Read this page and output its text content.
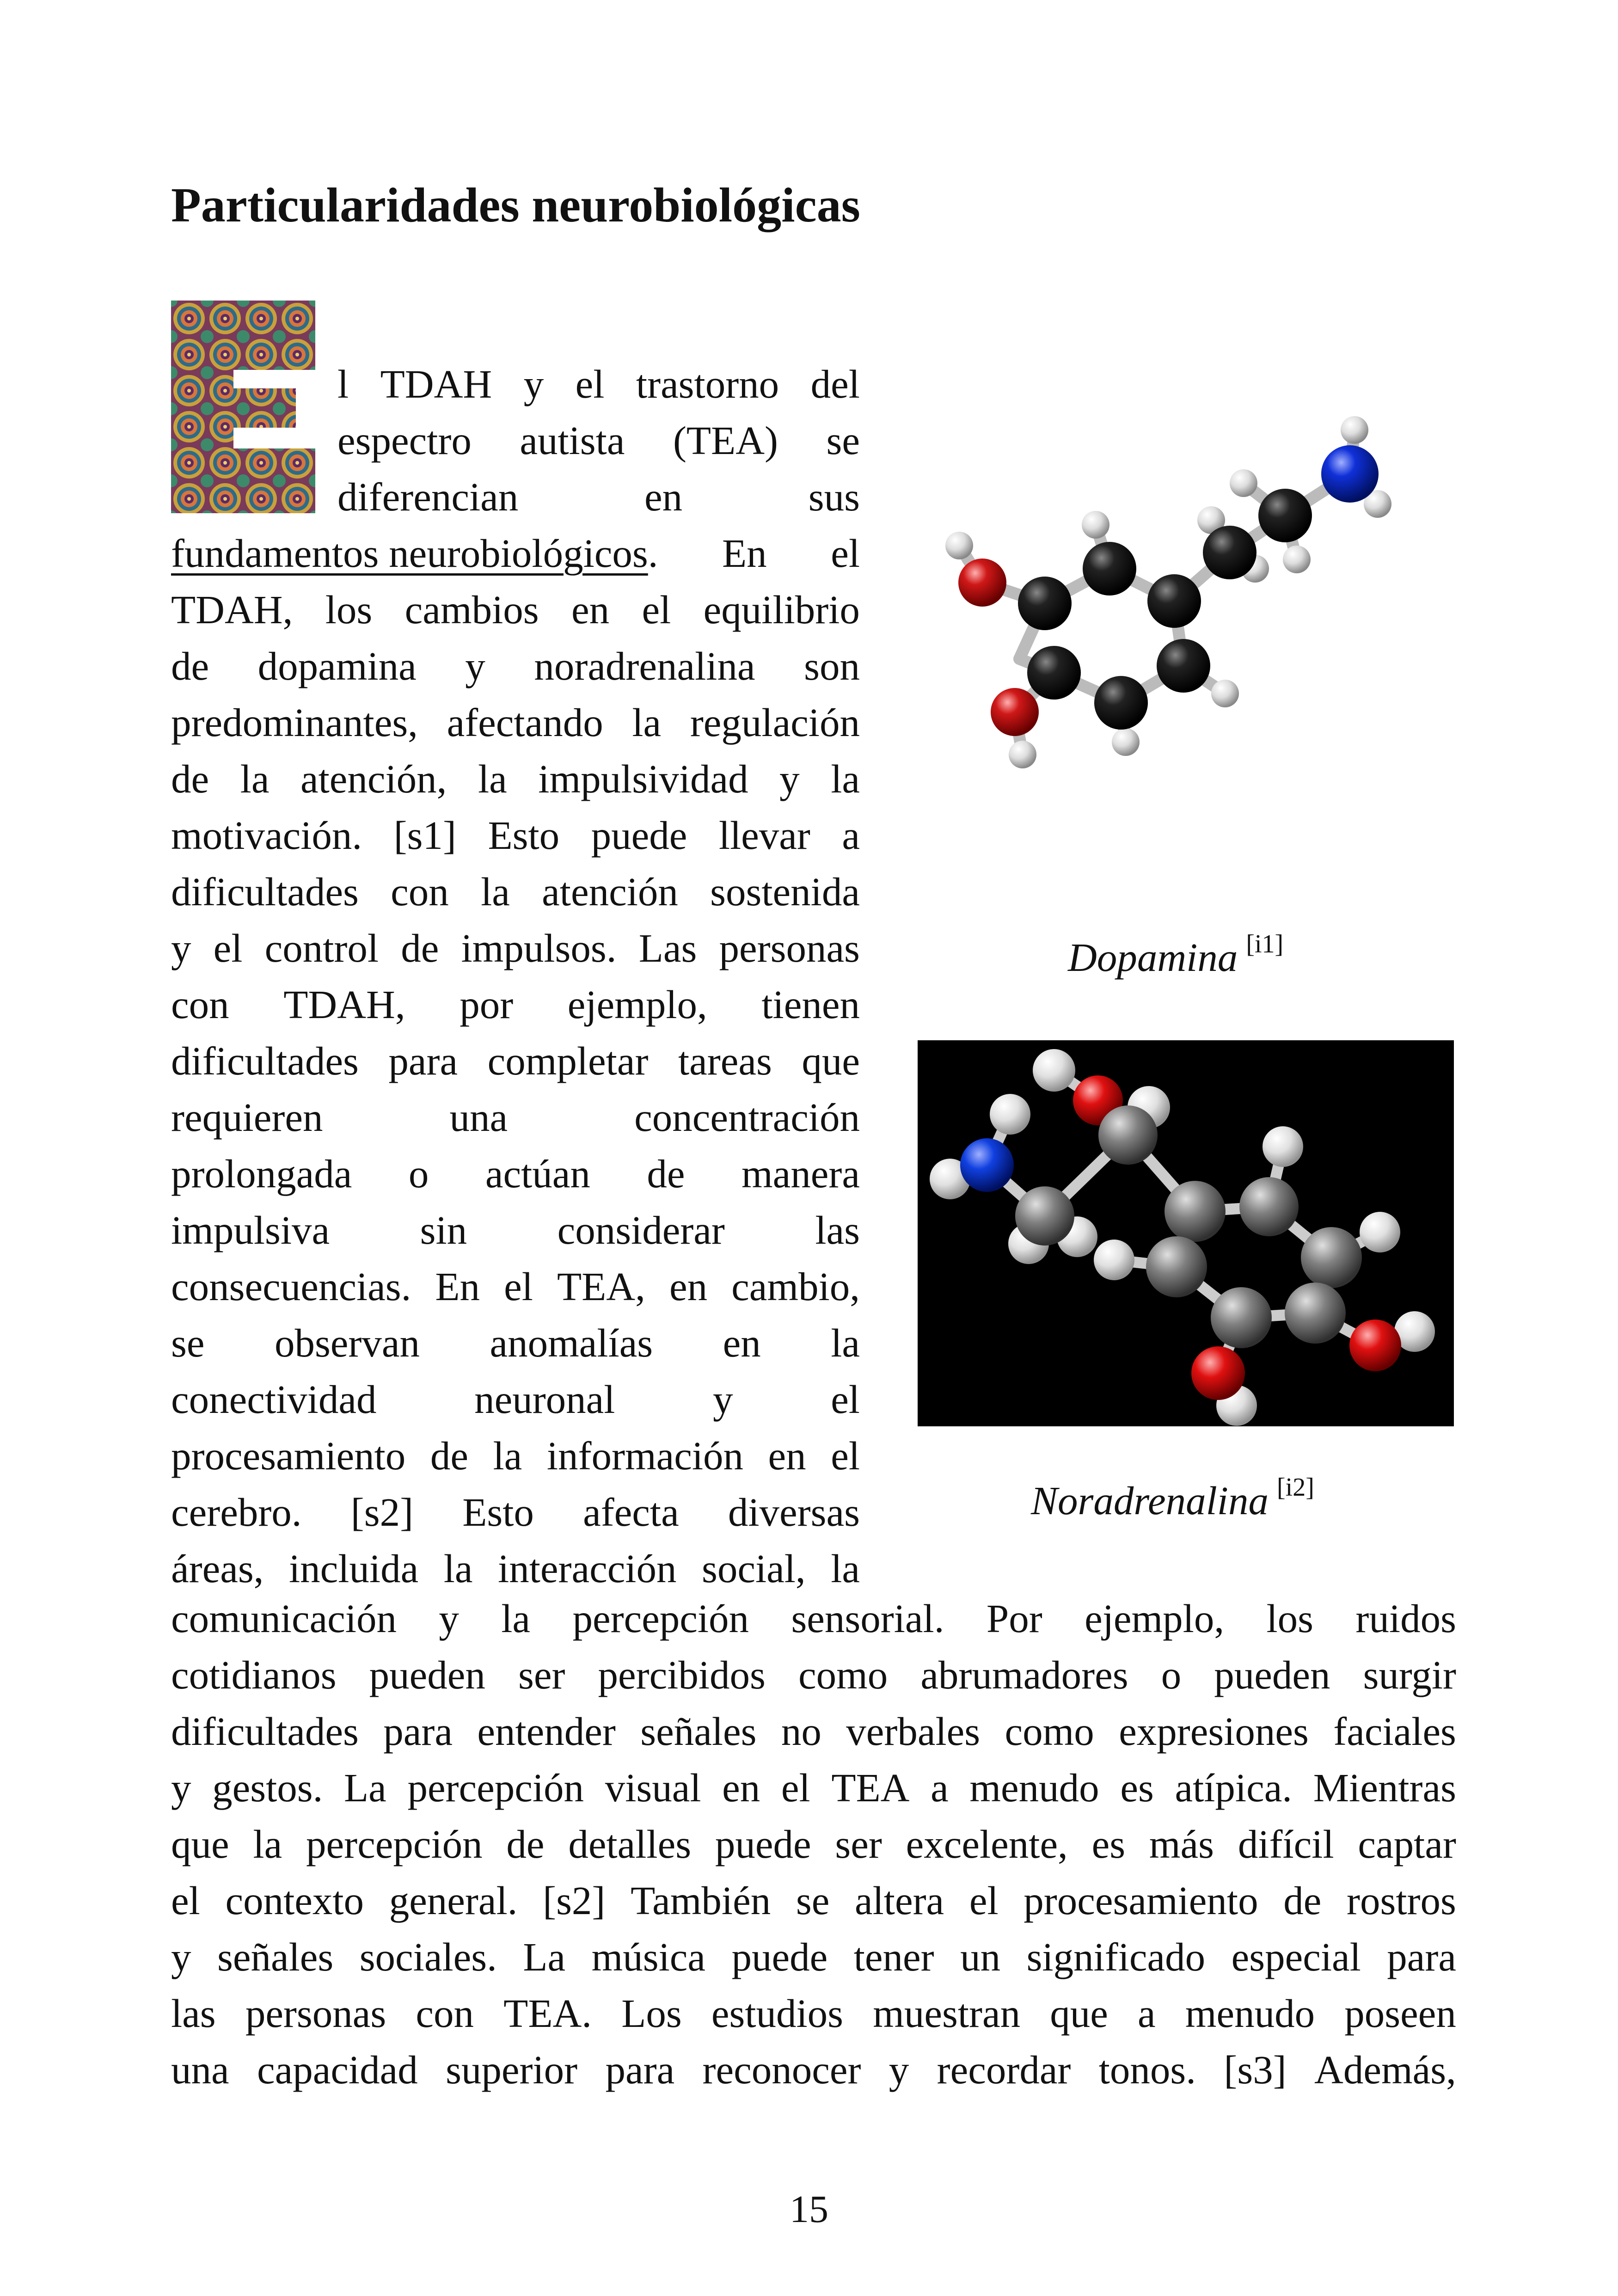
Particularidades neurobiológicas
l TDAH y el trastorno del
espectro autista (TEA) se
diferencian	en	sus
fundamentos neurobiológicos. En el
TDAH, los cambios en el equilibrio
de dopamina y noradrenalina son
predominantes, afectando la regulación
de la atención, la impulsividad y la
motivación. [s1] Esto puede llevar a
dificultades con la atención sostenida
y el control de impulsos. Las personas
con TDAH, por ejemplo, tienen
dificultades para completar tareas que
requieren	una	concentración
prolongada o actúan de manera
impulsiva sin considerar las
consecuencias. En el TEA, en cambio,
se observan anomalías en la
conectividad neuronal y el
procesamiento de la información en el
cerebro. [s2] Esto afecta diversas
áreas, incluida la interacción social, la
comunicación y la percepción sensorial. Por ejemplo, los ruidos
cotidianos pueden ser percibidos como abrumadores o pueden surgir
dificultades para entender señales no verbales como expresiones faciales
y gestos. La percepción visual en el TEA a menudo es atípica. Mientras
que la percepción de detalles puede ser excelente, es más difícil captar
el contexto general. [s2] También se altera el procesamiento de rostros
y señales sociales. La música puede tener un significado especial para
las personas con TEA. Los estudios muestran que a menudo poseen
una capacidad superior para reconocer y recordar tonos. [s3] Además,
Dopamina [i1]
Noradrenalina [i2]
15
